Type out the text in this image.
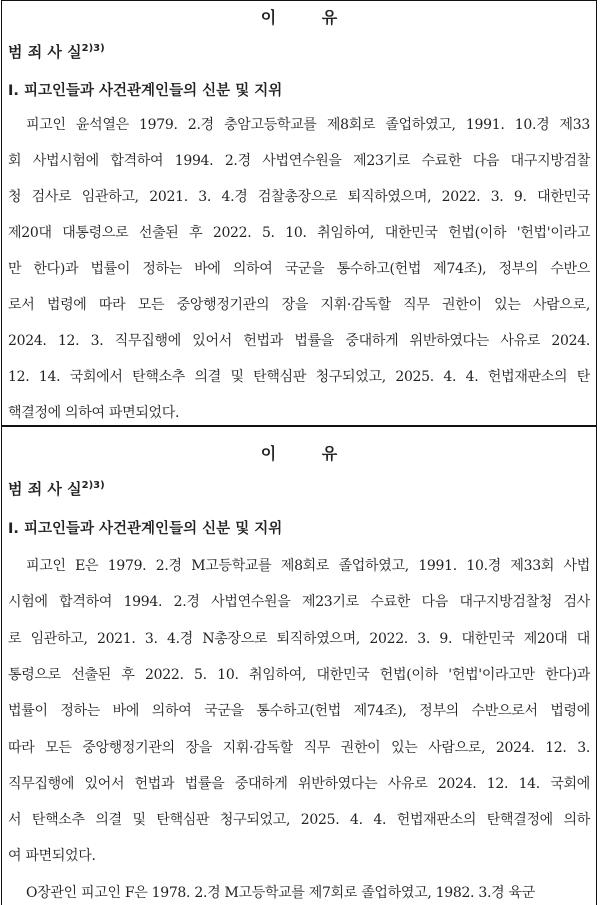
이 유
범 죄 사 실$^{2)3)}$
Ⅰ. 피고인들과 사건관계인들의 신분 및 지위
피고인 윤석열은 1979. 2.경 충암고등학교를 제8회로 졸업하였고, 1991. 10.경 제33
회 사법시험에 합격하여 1994. 2.경 사법연수원을 제23기로 수료한 다음 대구지방검찰
청 검사로 임관하고, 2021. 3. 4.경 검찰총장으로 퇴직하였으며, 2022. 3. 9. 대한민국
제20대 대통령으로 선출된 후 2022. 5. 10. 취임하여, 대한민국 헌법(이하 '헌법'이라고
만 한다)과 법률이 정하는 바에 의하여 국군을 통수하고(헌법 제74조), 정부의 수반으
로서 법령에 따라 모든 중앙행정기관의 장을 지휘·감독할 직무 권한이 있는 사람으로,
2024. 12. 3. 직무집행에 있어서 헌법과 법률을 중대하게 위반하였다는 사유로 2024.
12. 14. 국회에서 탄핵소추 의결 및 탄핵심판 청구되었고, 2025. 4. 4. 헌법재판소의 탄
핵결정에 의하여 파면되었다.
이 유
범 죄 사 실$^{2)3)}$
Ⅰ. 피고인들과 사건관계인들의 신분 및 지위
피고인 E은 1979. 2.경 M고등학교를 제8회로 졸업하였고, 1991. 10.경 제33회 사법
시험에 합격하여 1994. 2.경 사법연수원을 제23기로 수료한 다음 대구지방검찰청 검사
로 임관하고, 2021. 3. 4.경 N총장으로 퇴직하였으며, 2022. 3. 9. 대한민국 제20대 대
통령으로 선출된 후 2022. 5. 10. 취임하여, 대한민국 헌법(이하 '헌법'이라고만 한다)과
법률이 정하는 바에 의하여 국군을 통수하고(헌법 제74조), 정부의 수반으로서 법령에
따라 모든 중앙행정기관의 장을 지휘·감독할 직무 권한이 있는 사람으로, 2024. 12. 3.
직무집행에 있어서 헌법과 법률을 중대하게 위반하였다는 사유로 2024. 12. 14. 국회에
서 탄핵소추 의결 및 탄핵심판 청구되었고, 2025. 4. 4. 헌법재판소의 탄핵결정에 의하
여 파면되었다.
O장관인 피고인 F은 1978. 2.경 M고등학교를 제7회로 졸업하였고, 1982. 3.경 육군
